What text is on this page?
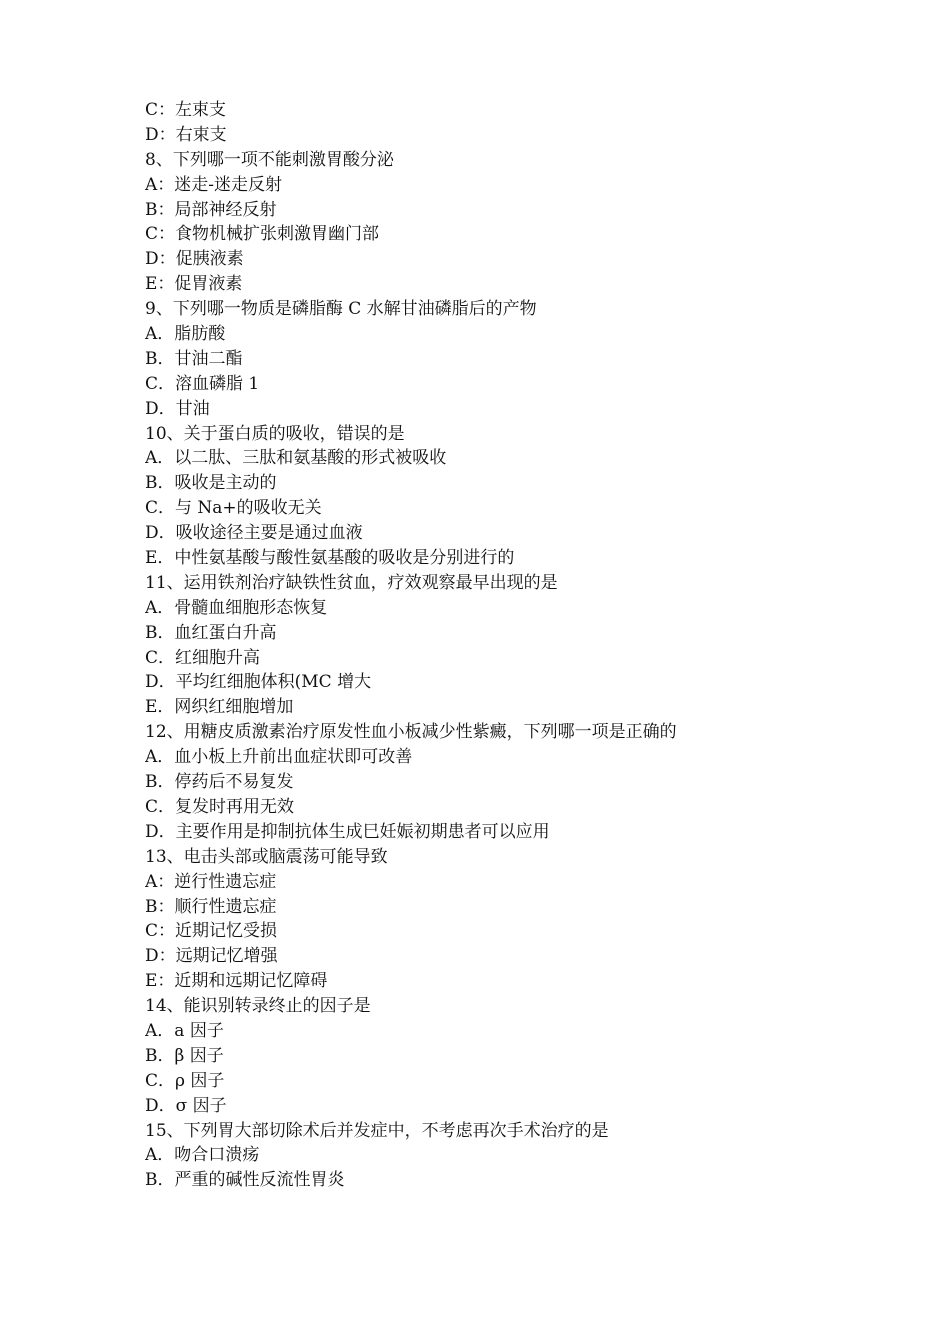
C：左束支
D：右束支
8、下列哪一项不能刺激胃酸分泌
A：迷走-迷走反射
B：局部神经反射
C：食物机械扩张刺激胃幽门部
D：促胰液素
E：促胃液素
9、下列哪一物质是磷脂酶 C 水解甘油磷脂后的产物
A．脂肪酸
B．甘油二酯
C．溶血磷脂 1
D．甘油
10、关于蛋白质的吸收，错误的是
A．以二肽、三肽和氨基酸的形式被吸收
B．吸收是主动的
C．与 Na+的吸收无关
D．吸收途径主要是通过血液
E．中性氨基酸与酸性氨基酸的吸收是分别进行的
11、运用铁剂治疗缺铁性贫血，疗效观察最早出现的是
A．骨髓血细胞形态恢复
B．血红蛋白升高
C．红细胞升高
D．平均红细胞体积(MC 增大
E．网织红细胞增加
12、用糖皮质激素治疗原发性血小板减少性紫癜，下列哪一项是正确的
A．血小板上升前出血症状即可改善
B．停药后不易复发
C．复发时再用无效
D．主要作用是抑制抗体生成巳妊娠初期患者可以应用
13、电击头部或脑震荡可能导致
A：逆行性遗忘症
B：顺行性遗忘症
C：近期记忆受损
D：远期记忆增强
E：近期和远期记忆障碍
14、能识别转录终止的因子是
A．a 因子
B．β 因子
C．ρ 因子
D．σ 因子
15、下列胃大部切除术后并发症中，不考虑再次手术治疗的是
A．吻合口溃疡
B．严重的碱性反流性胃炎
